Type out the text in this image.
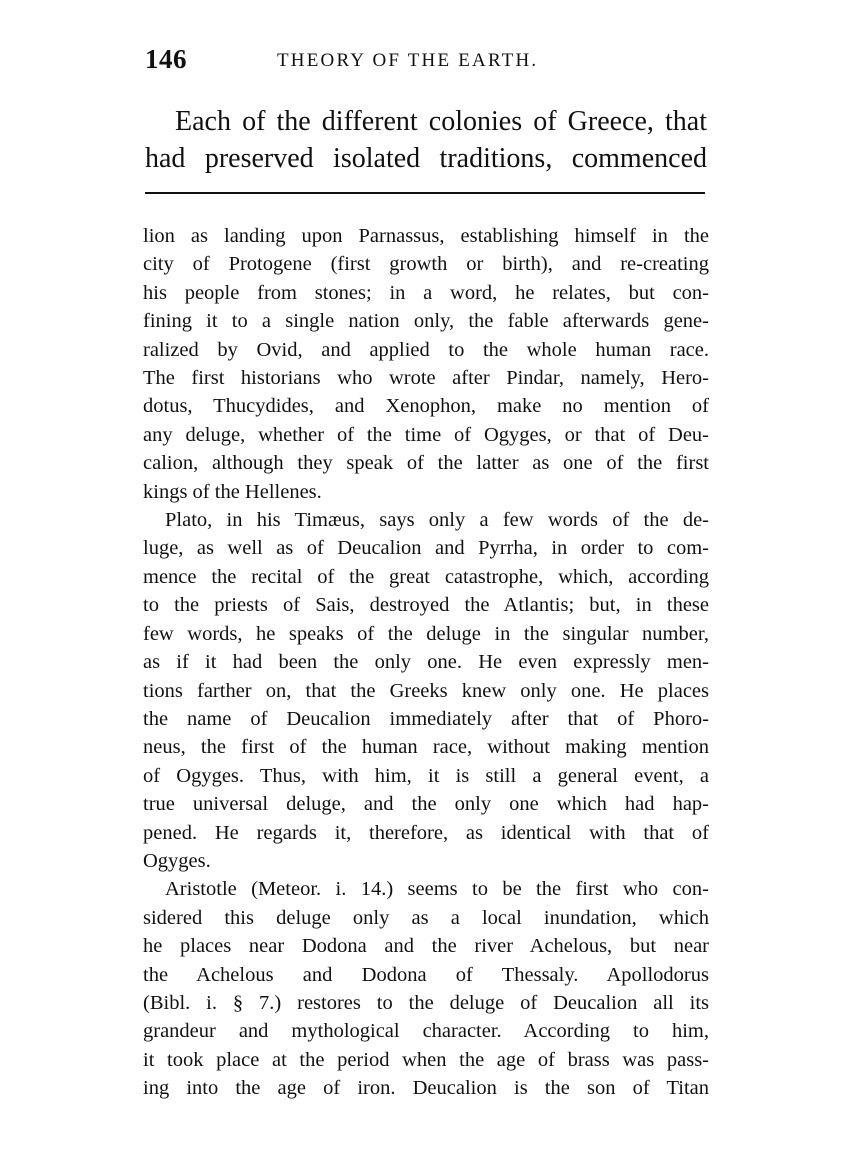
146	THEORY OF THE EARTH.
Each of the different colonies of Greece, that
had preserved isolated traditions, commenced
lion as landing upon Parnassus, establishing himself in the
city of Protogene (first growth or birth), and re-creating
his people from stones; in a word, he relates, but con-
fining it to a single nation only, the fable afterwards gene-
ralized by Ovid, and applied to the whole human race.
The first historians who wrote after Pindar, namely, Hero-
dotus, Thucydides, and Xenophon, make no mention of
any deluge, whether of the time of Ogyges, or that of Deu-
calion, although they speak of the latter as one of the first
kings of the Hellenes.
Plato, in his Timæus, says only a few words of the de-
luge, as well as of Deucalion and Pyrrha, in order to com-
mence the recital of the great catastrophe, which, according
to the priests of Sais, destroyed the Atlantis; but, in these
few words, he speaks of the deluge in the singular number,
as if it had been the only one. He even expressly men-
tions farther on, that the Greeks knew only one. He places
the name of Deucalion immediately after that of Phoro-
neus, the first of the human race, without making mention
of Ogyges. Thus, with him, it is still a general event, a
true universal deluge, and the only one which had hap-
pened. He regards it, therefore, as identical with that of
Ogyges.
Aristotle (Meteor. i. 14.) seems to be the first who con-
sidered this deluge only as a local inundation, which
he places near Dodona and the river Achelous, but near
the Achelous and Dodona of Thessaly. Apollodorus
(Bibl. i. § 7.) restores to the deluge of Deucalion all its
grandeur and mythological character. According to him,
it took place at the period when the age of brass was pass-
ing into the age of iron. Deucalion is the son of Titan
